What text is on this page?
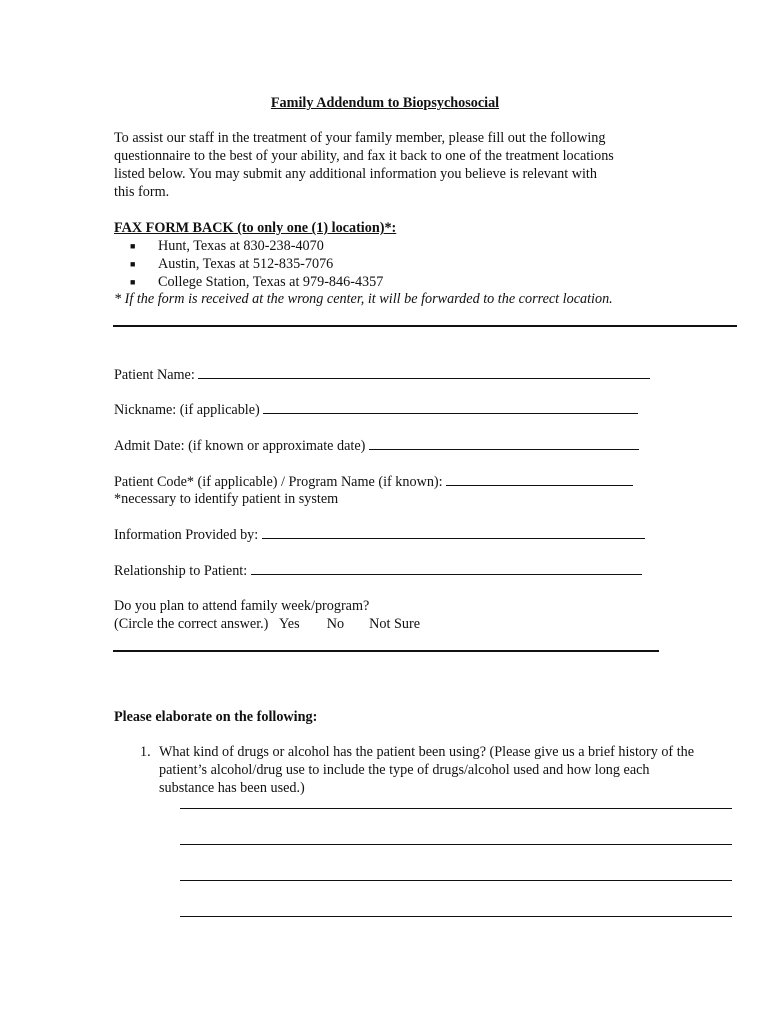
Family Addendum to Biopsychosocial
To assist our staff in the treatment of your family member, please fill out the following
questionnaire to the best of your ability, and fax it back to one of the treatment locations
listed below. You may submit any additional information you believe is relevant with
this form.
FAX FORM BACK (to only one (1) location)*:
■ Hunt, Texas at 830-238-4070
■ Austin, Texas at 512-835-7076
■ College Station, Texas at 979-846-4357
* If the form is received at the wrong center, it will be forwarded to the correct location.
Patient Name:
Nickname: (if applicable)
Admit Date: (if known or approximate date)
Patient Code* (if applicable) / Program Name (if known):
*necessary to identify patient in system
Information Provided by:
Relationship to Patient:
Do you plan to attend family week/program?
(Circle the correct answer.) Yes No Not Sure
Please elaborate on the following:
1. What kind of drugs or alcohol has the patient been using? (Please give us a brief history of the
patient’s alcohol/drug use to include the type of drugs/alcohol used and how long each
substance has been used.)
